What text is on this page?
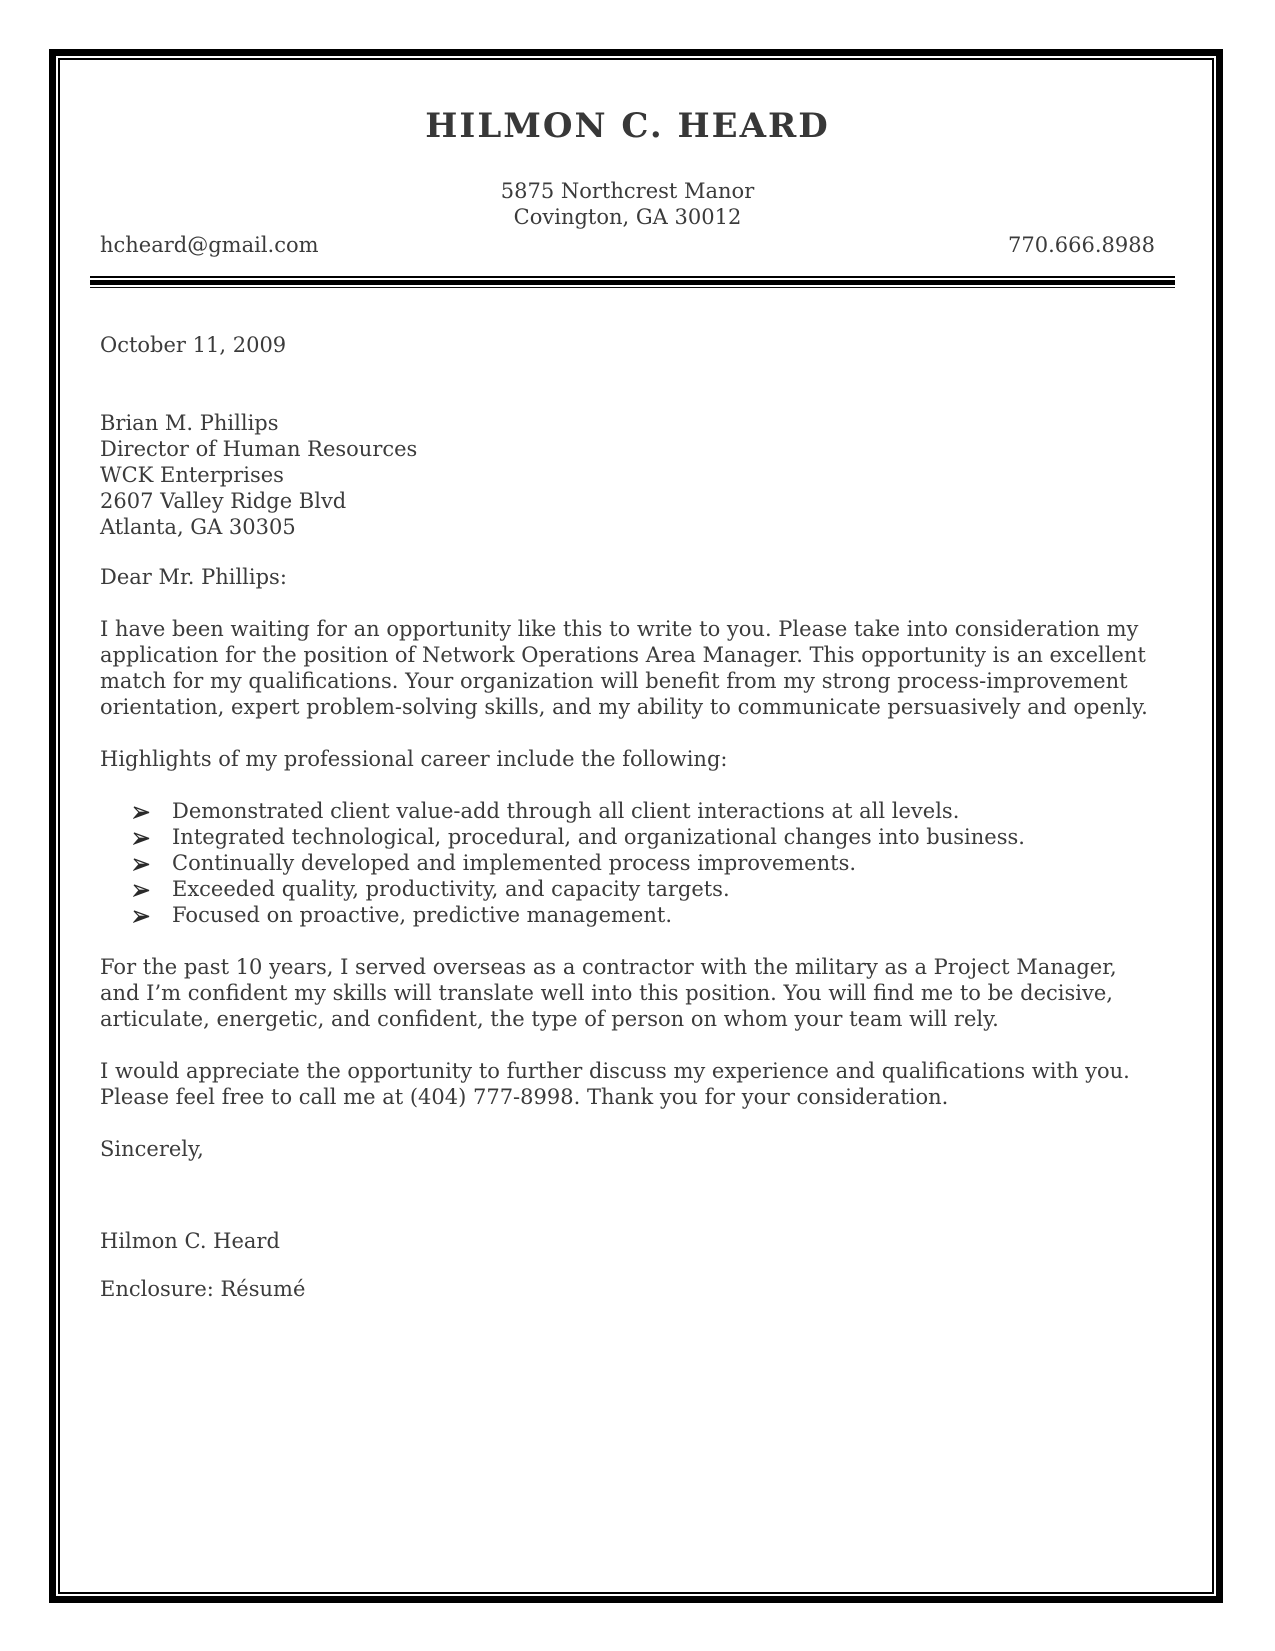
HILMON C. HEARD
5875 Northcrest Manor
Covington, GA 30012
hcheard@gmail.com	770.666.8988
October 11, 2009
Brian M. Phillips
Director of Human Resources
WCK Enterprises
2607 Valley Ridge Blvd
Atlanta, GA 30305
Dear Mr. Phillips:

I have been waiting for an opportunity like this to write to you. Please take into consideration my application for the position of Network Operations Area Manager. This opportunity is an excellent match for my qualifications. Your organization will benefit from my strong process-improvement orientation, expert problem-solving skills, and my ability to communicate persuasively and openly.

Highlights of my professional career include the following:

Demonstrated client value-add through all client interactions at all levels.
Integrated technological, procedural, and organizational changes into business.
Continually developed and implemented process improvements.
Exceeded quality, productivity, and capacity targets.
Focused on proactive, predictive management.

For the past 10 years, I served overseas as a contractor with the military as a Project Manager, and I’m confident my skills will translate well into this position. You will find me to be decisive, articulate, energetic, and confident, the type of person on whom your team will rely.

I would appreciate the opportunity to further discuss my experience and qualifications with you. Please feel free to call me at (404) 777-8998. Thank you for your consideration.

Sincerely,
Hilmon C. Heard
Enclosure: Résumé
